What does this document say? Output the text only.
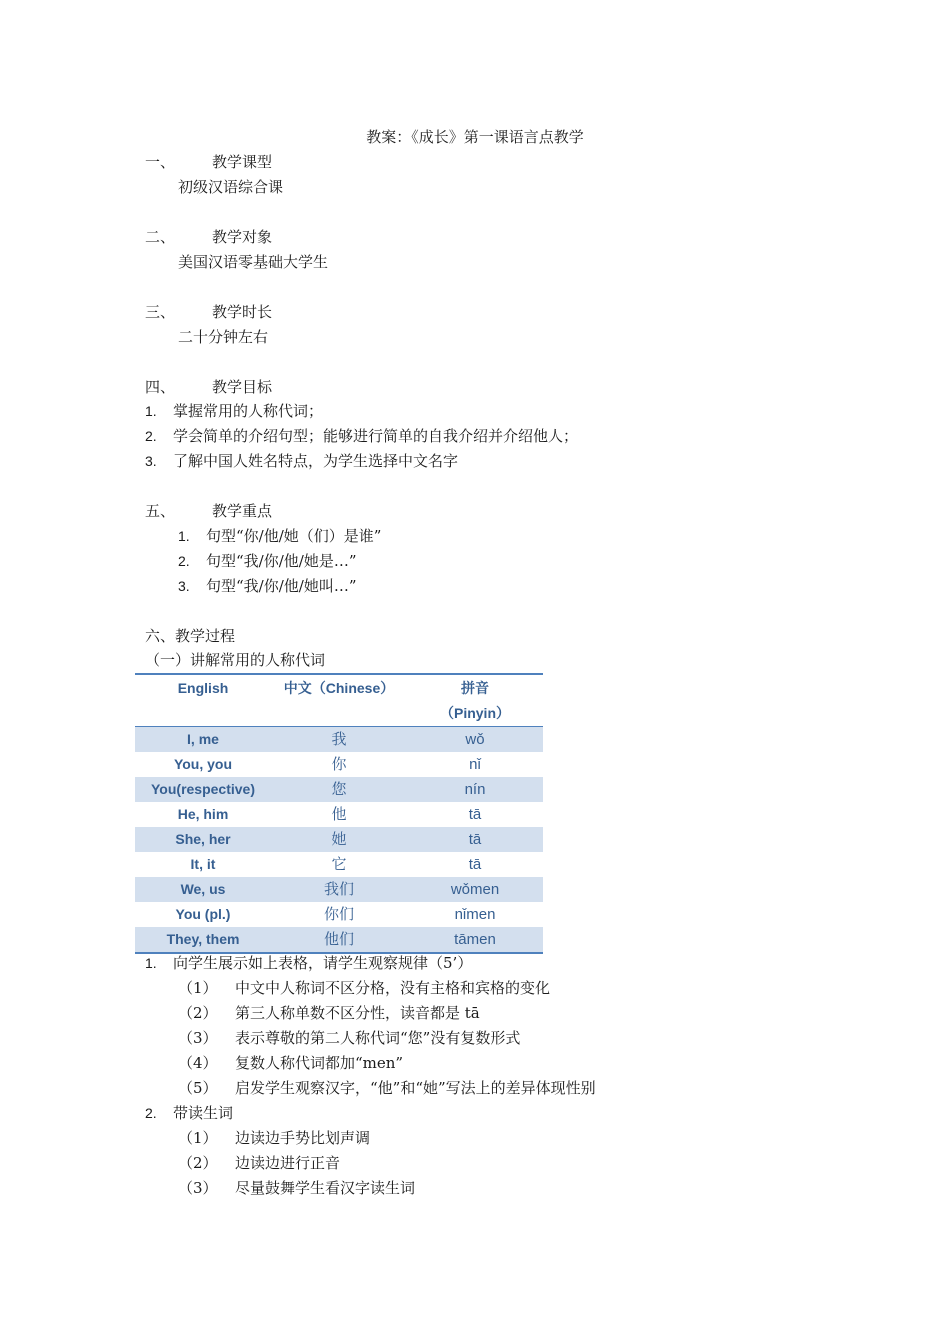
教案：《成长》第一课语言点教学
一、 教学课型
初级汉语综合课
二、 教学对象
美国汉语零基础大学生
三、 教学时长
二十分钟左右
四、 教学目标
1. 掌握常用的人称代词；
2. 学会简单的介绍句型；能够进行简单的自我介绍并介绍他人；
3. 了解中国人姓名特点，为学生选择中文名字
五、 教学重点
1. 句型“你/他/她（们）是谁”
2. 句型“我/你/他/她是…”
3. 句型“我/你/他/她叫…”
六、教学过程
（一）讲解常用的人称代词
English	中文（Chinese）	拼音
（Pinyin）

I, me	我	wǒ
You, you	你	nǐ
You(respective)	您	nín
He, him	他	tā
She, her	她	tā
It, it	它	tā
We, us	我们	wǒmen
You (pl.)	你们	nǐmen
They, them	他们	tāmen
1. 向学生展示如上表格，请学生观察规律（5’）
（1） 中文中人称词不区分格，没有主格和宾格的变化
（2） 第三人称单数不区分性，读音都是 tā
（3） 表示尊敬的第二人称代词“您”没有复数形式
（4） 复数人称代词都加“men”
（5） 启发学生观察汉字，“他”和“她”写法上的差异体现性别
2. 带读生词
（1） 边读边手势比划声调
（2） 边读边进行正音
（3） 尽量鼓舞学生看汉字读生词
